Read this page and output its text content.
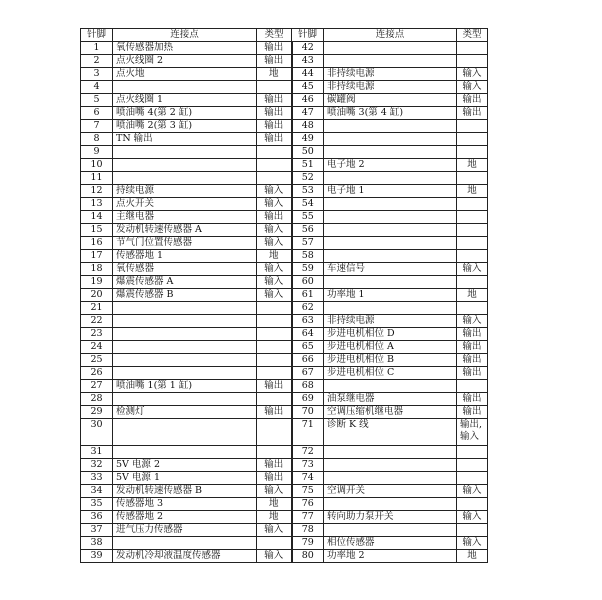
针脚	连接点	类型	针脚	连接点	类型
1	氧传感器加热	输出	42		
2	点火线圈 2	输出	43		
3	点火地	地	44	非持续电源	输入
4			45	非持续电源	输入
5	点火线圈 1	输出	46	碳罐阀	输出
6	喷油嘴 4(第 2 缸)	输出	47	喷油嘴 3(第 4 缸)	输出
7	喷油嘴 2(第 3 缸)	输出	48		
8	TN 输出	输出	49		
9			50		
10			51	电子地 2	地
11			52		
12	持续电源	输入	53	电子地 1	地
13	点火开关	输入	54		
14	主继电器	输出	55		
15	发动机转速传感器 A	输入	56		
16	节气门位置传感器	输入	57		
17	传感器地 1	地	58		
18	氧传感器	输入	59	车速信号	输入
19	爆震传感器 A	输入	60		
20	爆震传感器 B	输入	61	功率地 1	地
21			62		
22			63	非持续电源	输入
23			64	步进电机相位 D	输出
24			65	步进电机相位 A	输出
25			66	步进电机相位 B	输出
26			67	步进电机相位 C	输出
27	喷油嘴 1(第 1 缸)	输出	68		
28			69	油泵继电器	输出
29	检测灯	输出	70	空调压缩机继电器	输出
30			71	诊断 K 线	输出,输入
31			72		
32	5V 电源 2	输出	73		
33	5V 电源 1	输出	74		
34	发动机转速传感器 B	输入	75	空调开关	输入
35	传感器地 3	地	76		
36	传感器地 2	地	77	转向助力泵开关	输入
37	进气压力传感器	输入	78		
38			79	相位传感器	输入
39	发动机冷却液温度传感器	输入	80	功率地 2	地
